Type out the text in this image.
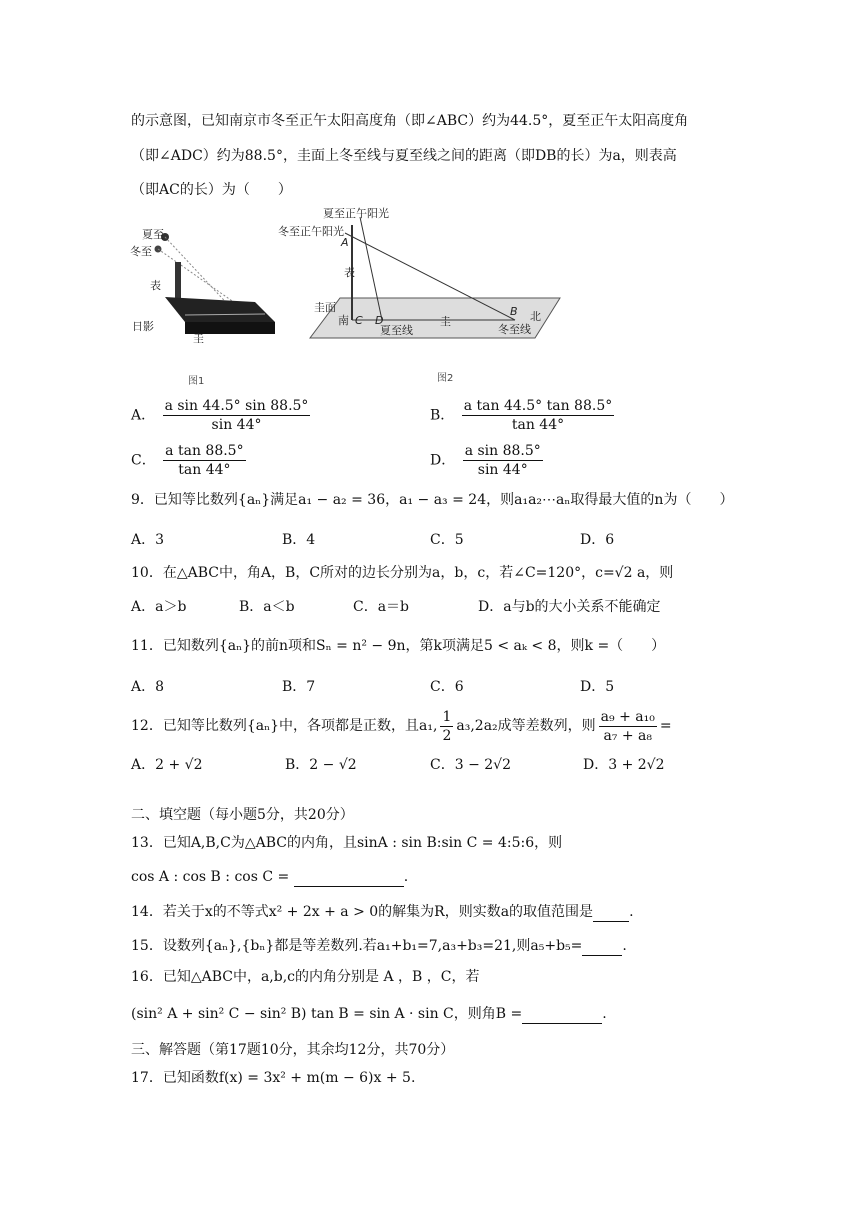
的示意图，已知南京市冬至正午太阳高度角（即∠ABC）约为44.5°，夏至正午太阳高度角
（即∠ADC）约为88.5°，圭面上冬至线与夏至线之间的距离（即DB的长）为a，则表高
（即AC的长）为（　　）
夏至
冬至
表
日影
圭
图1
夏至正午阳光
冬至正午阳光
A
表
圭面
南 C D
夏至线
圭
B 北
冬至线
图2
A． $\frac{\text{a sin 44.5° sin 88.5°}}{\sin 44^\circ}$	B． $\frac{\text{a tan 44.5° tan 88.5°}}{\tan 44^\circ}$
C． $\frac{\text{a tan 88.5°}}{\tan 44^\circ}$	D． $\frac{\text{a sin 88.5°}}{\sin 44^\circ}$
9．已知等比数列{aₙ}满足a₁ − a₂ = 36，a₁ − a₃ = 24，则a₁a₂⋯aₙ取得最大值的n为（　　）
A．3	B．4	C．5	D．6
10．在△ABC中，角A，B，C所对的边长分别为a，b，c，若∠C=120°，c=√2 a，则
A．a＞b	B．a＜b	C．a＝b	D．a与b的大小关系不能确定
11．已知数列{aₙ}的前n项和Sₙ = n² − 9n，第k项满足5 < aₖ < 8，则k =（　　）
A．8	B．7	C．6	D．5
12．已知等比数列{aₙ}中，各项都是正数，且a₁, $\frac{1}{2} a_3,2a_2$成等差数列，则 $\frac{\text{a₉ + a₁₀}}{\text{a₇ + a₈}}$ =
A．2 + √2	B．2 − √2	C．3 − 2√2	D．3 + 2√2
二、填空题（每小题5分，共20分）
13．已知A,B,C为△ABC的内角，且sinA : sin B:sin C = 4:5:6，则
cos A : cos B : cos C =	.
14．若关于x的不等式x² + 2x + a > 0的解集为R，则实数a的取值范围是	.
15．设数列{aₙ},{bₙ}都是等差数列.若a₁+b₁=7,a₃+b₃=21,则a₅+b₅=	.
16．已知△ABC中，a,b,c的内角分别是 A ，B ，C，若
(sin² A + sin² C − sin² B) tan B = sin A · sin C，则角B =	.
三、解答题（第17题10分，其余均12分，共70分）
17．已知函数f(x) = 3x² + m(m − 6)x + 5.
